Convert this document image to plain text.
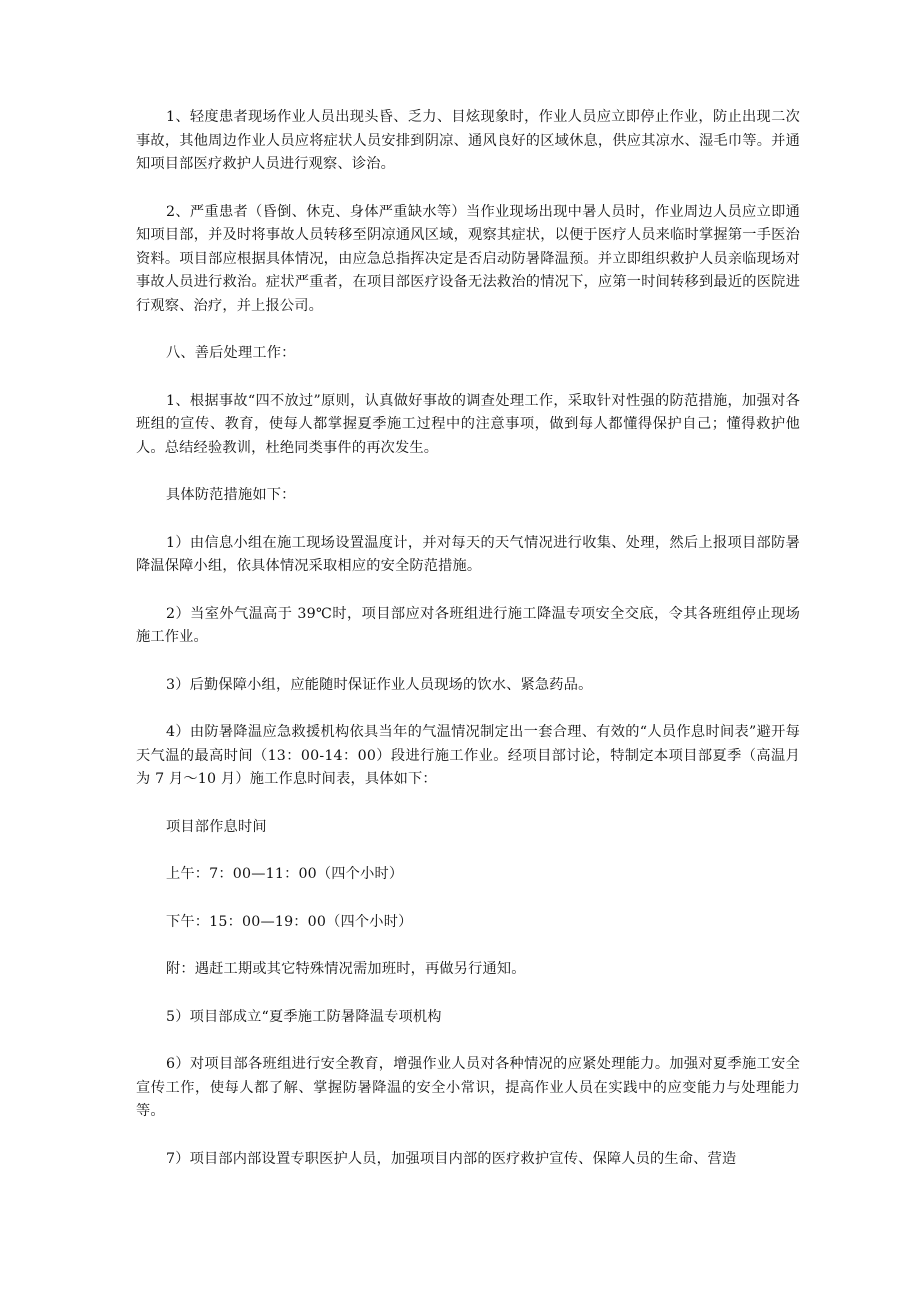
1、轻度患者现场作业人员出现头昏、乏力、目炫现象时，作业人员应立即停止作业，防止出现二次事故，其他周边作业人员应将症状人员安排到阴凉、通风良好的区域休息，供应其凉水、湿毛巾等。并通知项目部医疗救护人员进行观察、诊治。

2、严重患者（昏倒、休克、身体严重缺水等）当作业现场出现中暑人员时，作业周边人员应立即通知项目部，并及时将事故人员转移至阴凉通风区域，观察其症状，以便于医疗人员来临时掌握第一手医治资料。项目部应根据具体情况，由应急总指挥决定是否启动防暑降温预。并立即组织救护人员亲临现场对事故人员进行救治。症状严重者，在项目部医疗设备无法救治的情况下，应第一时间转移到最近的医院进行观察、治疗，并上报公司。

八、善后处理工作：

1、根据事故“四不放过”原则，认真做好事故的调查处理工作，采取针对性强的防范措施，加强对各班组的宣传、教育，使每人都掌握夏季施工过程中的注意事项，做到每人都懂得保护自己；懂得救护他人。总结经验教训，杜绝同类事件的再次发生。

具体防范措施如下：

1）由信息小组在施工现场设置温度计，并对每天的天气情况进行收集、处理，然后上报项目部防暑降温保障小组，依具体情况采取相应的安全防范措施。

2）当室外气温高于 39℃时，项目部应对各班组进行施工降温专项安全交底，令其各班组停止现场施工作业。

3）后勤保障小组，应能随时保证作业人员现场的饮水、紧急药品。

4）由防暑降温应急救援机构依具当年的气温情况制定出一套合理、有效的“人员作息时间表”避开每天气温的最高时间（13：00-14：00）段进行施工作业。经项目部讨论，特制定本项目部夏季（高温月为 7 月～10 月）施工作息时间表，具体如下：

项目部作息时间

上午：7：00—11：00（四个小时）

下午：15：00—19：00（四个小时）

附：遇赶工期或其它特殊情况需加班时，再做另行通知。

5）项目部成立“夏季施工防暑降温专项机构

6）对项目部各班组进行安全教育，增强作业人员对各种情况的应紧处理能力。加强对夏季施工安全宣传工作，使每人都了解、掌握防暑降温的安全小常识，提高作业人员在实践中的应变能力与处理能力等。

7）项目部内部设置专职医护人员，加强项目内部的医疗救护宣传、保障人员的生命、营造
